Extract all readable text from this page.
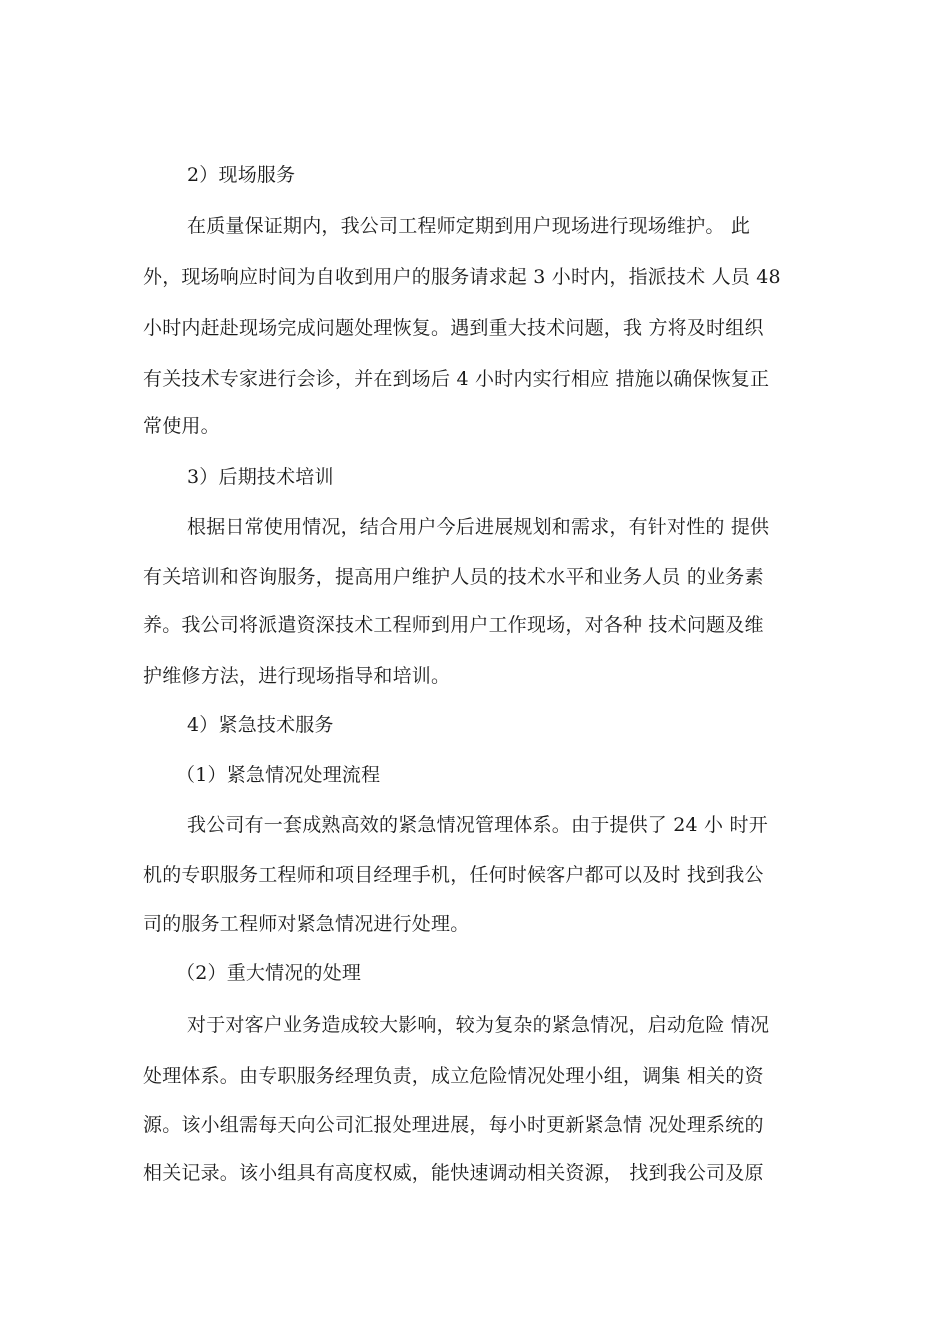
2）现场服务
在质量保证期内，我公司工程师定期到用户现场进行现场维护。 此
外，现场响应时间为自收到用户的服务请求起 3 小时内，指派技术 人员 48
小时内赶赴现场完成问题处理恢复。遇到重大技术问题，我 方将及时组织
有关技术专家进行会诊，并在到场后 4 小时内实行相应 措施以确保恢复正
常使用。
3）后期技术培训
根据日常使用情况，结合用户今后进展规划和需求，有针对性的 提供
有关培训和咨询服务，提高用户维护人员的技术水平和业务人员 的业务素
养。我公司将派遣资深技术工程师到用户工作现场，对各种 技术问题及维
护维修方法，进行现场指导和培训。
4）紧急技术服务
（1）紧急情况处理流程
我公司有一套成熟高效的紧急情况管理体系。由于提供了 24 小 时开
机的专职服务工程师和项目经理手机，任何时候客户都可以及时 找到我公
司的服务工程师对紧急情况进行处理。
（2）重大情况的处理
对于对客户业务造成较大影响，较为复杂的紧急情况，启动危险 情况
处理体系。由专职服务经理负责，成立危险情况处理小组，调集 相关的资
源。该小组需每天向公司汇报处理进展，每小时更新紧急情 况处理系统的
相关记录。该小组具有高度权威，能快速调动相关资源， 找到我公司及原
